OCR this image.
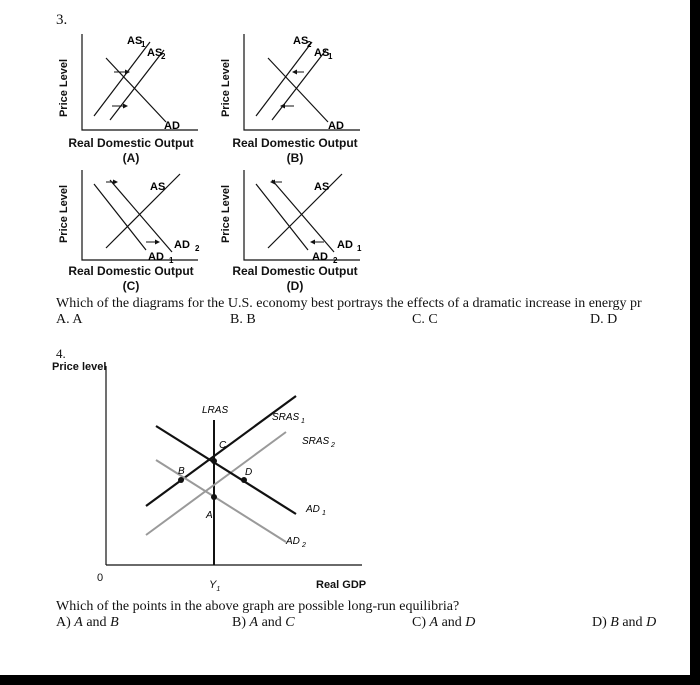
3.
Price Level
AS
1
AS
2
AD
Real Domestic Output
(A)
Price Level
AS
2
AS
1
AD
Real Domestic Output
(B)
Price Level	AS
AD 2
AD 1
Real Domestic Output
(C)
Price Level	AS
AD 1
AD 2
Real Domestic Output
(D)
Which of the diagrams for the U.S. economy best portrays the effects of a dramatic increase in energy pr
A. A	B. B	C. C	D. D
4.
Price level
0
$Y_1$	Real GDP
LRAS
SRAS 1
SRAS 2
AD 1
AD 2
A
B
C
D
Which of the points in the above graph are possible long-run equilibria?
A) A and B	B) A and C	C) A and D	D) B and D
